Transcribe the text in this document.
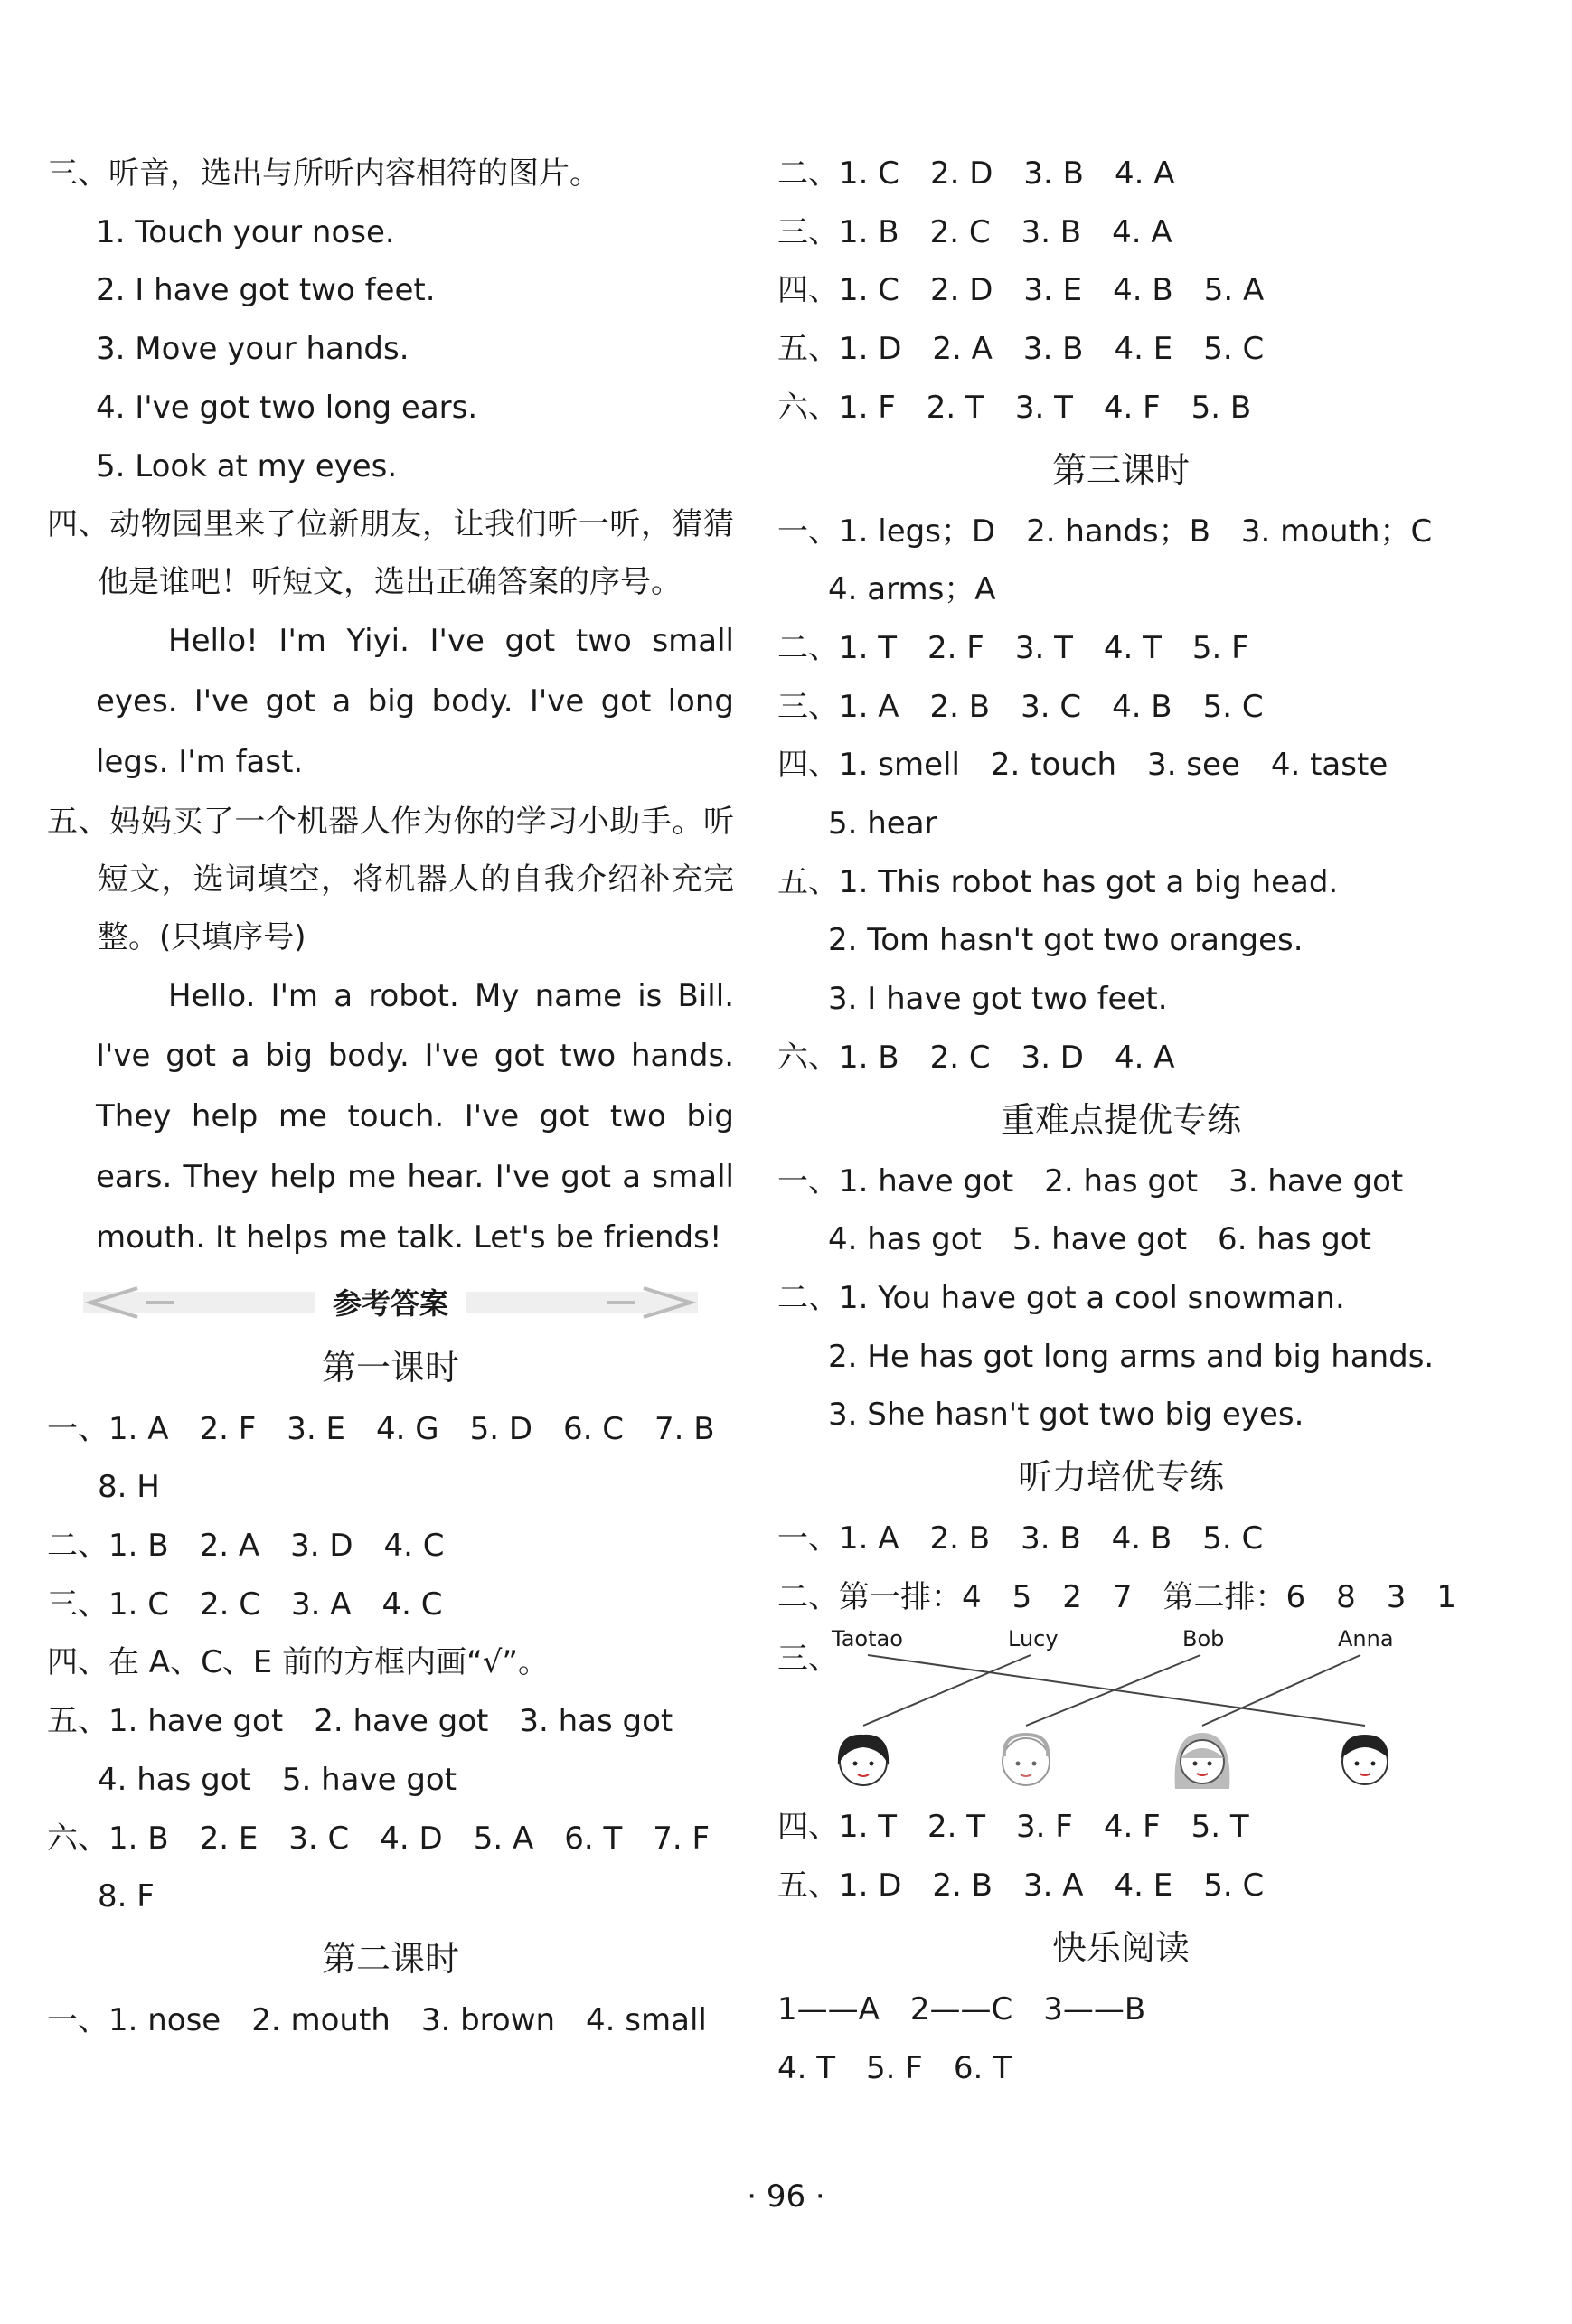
三、听音，选出与所听内容相符的图片。
1. Touch your nose.
2. I have got two feet.
3. Move your hands.
4. I've got two long ears.
5. Look at my eyes.
四、动物园里来了位新朋友，让我们听一听，猜猜他是谁吧！听短文，选出正确答案的序号。

Hello! I'm Yiyi. I've got two small eyes. I've got a big body. I've got long legs. I'm fast.

五、妈妈买了一个机器人作为你的学习小助手。听短文，选词填空，将机器人的自我介绍补充完整。(只填序号)

Hello. I'm a robot. My name is Bill. I've got a big body. I've got two hands. They help me touch. I've got two big ears. They help me hear. I've got a small mouth. It helps me talk. Let's be friends!

参考答案
第一课时
一、1. A　2. F　3. E　4. G　5. D　6. C　7. B
8. H
二、1. B　2. A　3. D　4. C
三、1. C　2. C　3. A　4. C
四、在 A、C、E 前的方框内画“√”。
五、1. have got　2. have got　3. has got
4. has got　5. have got
六、1. B　2. E　3. C　4. D　5. A　6. T　7. F
8. F
第二课时
一、1. nose　2. mouth　3. brown　4. small
二、1. C　2. D　3. B　4. A
三、1. B　2. C　3. B　4. A
四、1. C　2. D　3. E　4. B　5. A
五、1. D　2. A　3. B　4. E　5. C
六、1. F　2. T　3. T　4. F　5. B
第三课时
一、1. legs；D　2. hands；B　3. mouth；C
4. arms；A
二、1. T　2. F　3. T　4. T　5. F
三、1. A　2. B　3. C　4. B　5. C
四、1. smell　2. touch　3. see　4. taste
5. hear
五、1. This robot has got a big head.
2. Tom hasn't got two oranges.
3. I have got two feet.
六、1. B　2. C　3. D　4. A
重难点提优专练
一、1. have got　2. has got　3. have got
4. has got　5. have got　6. has got
二、1. You have got a cool snowman.
2. He has got long arms and big hands.
3. She hasn't got two big eyes.
听力培优专练
一、1. A　2. B　3. B　4. B　5. C
二、第一排：4　5　2　7　第二排：6　8　3　1
三、
Taotao	Lucy	Bob	Anna
四、1. T　2. T　3. F　4. F　5. T
五、1. D　2. B　3. A　4. E　5. C
快乐阅读
1——A　2——C　3——B
4. T　5. F　6. T
· 96 ·
